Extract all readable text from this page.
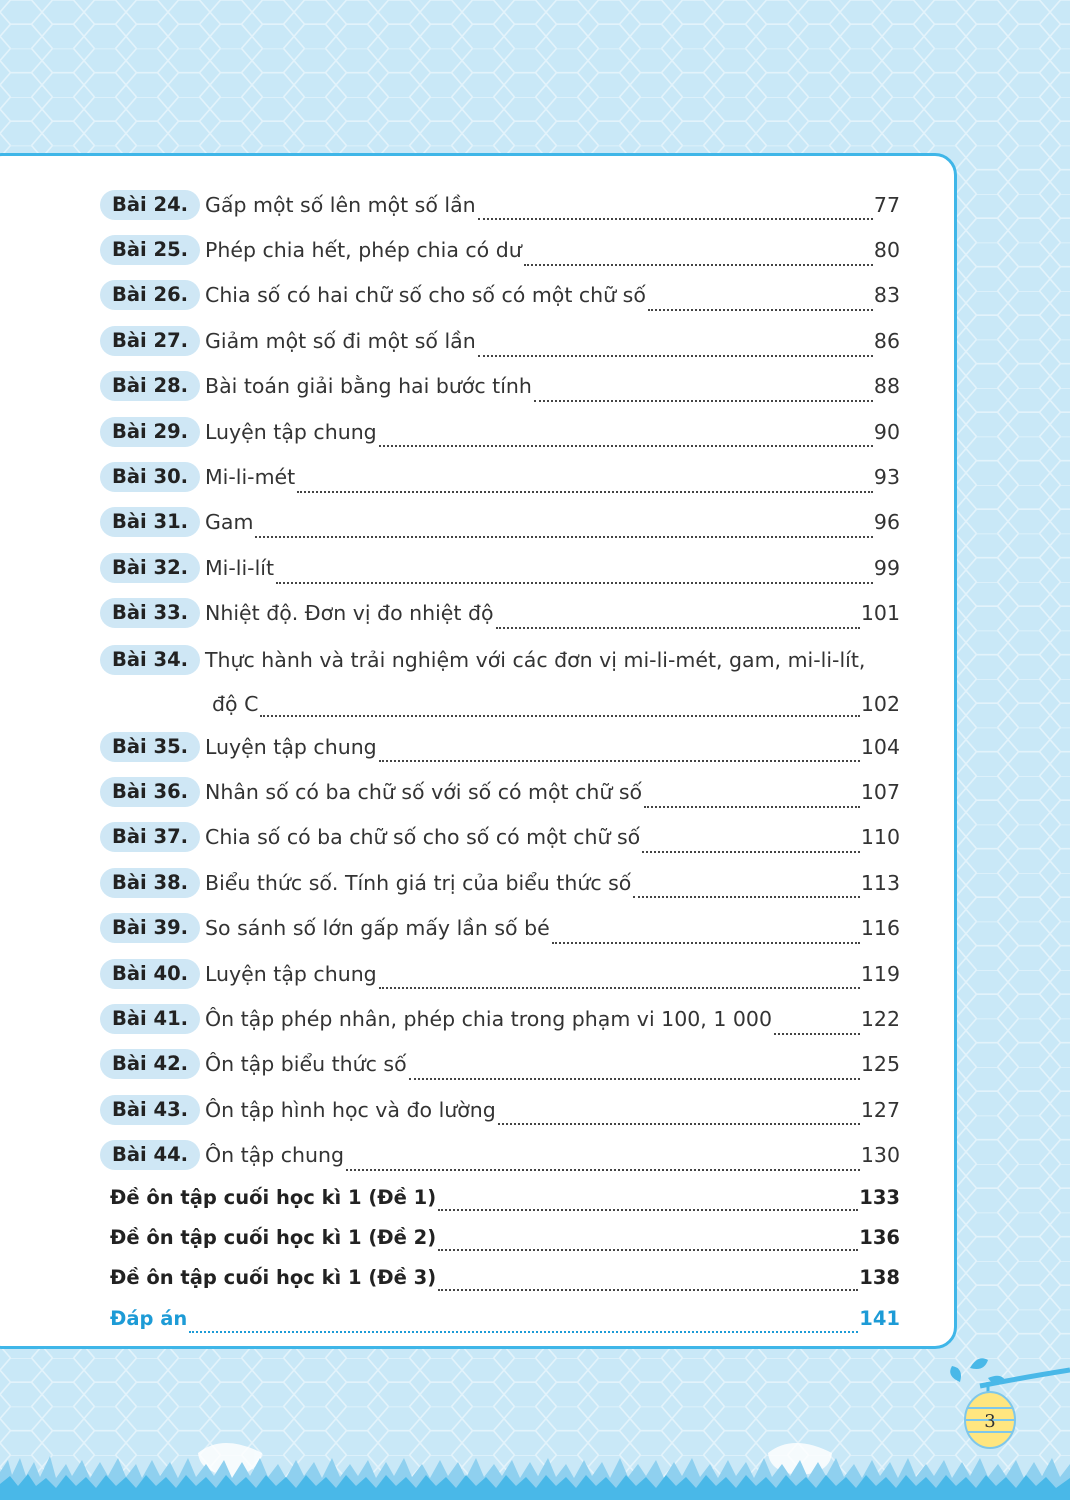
Bài 24. Gấp một số lên một số lần	77
Bài 25. Phép chia hết, phép chia có dư	80
Bài 26. Chia số có hai chữ số cho số có một chữ số	83
Bài 27. Giảm một số đi một số lần	86
Bài 28. Bài toán giải bằng hai bước tính	88
Bài 29. Luyện tập chung	90
Bài 30. Mi-li-mét	93
Bài 31. Gam	96
Bài 32. Mi-li-lít	99
Bài 33. Nhiệt độ. Đơn vị đo nhiệt độ	101
Bài 34. Thực hành và trải nghiệm với các đơn vị mi-li-mét, gam, mi-li-lít,
độ C	102
Bài 35. Luyện tập chung	104
Bài 36. Nhân số có ba chữ số với số có một chữ số	107
Bài 37. Chia số có ba chữ số cho số có một chữ số	110
Bài 38. Biểu thức số. Tính giá trị của biểu thức số	113
Bài 39. So sánh số lớn gấp mấy lần số bé	116
Bài 40. Luyện tập chung	119
Bài 41. Ôn tập phép nhân, phép chia trong phạm vi 100, 1 000	122
Bài 42. Ôn tập biểu thức số	125
Bài 43. Ôn tập hình học và đo lường	127
Bài 44. Ôn tập chung	130
Đề ôn tập cuối học kì 1 (Đề 1)	133
Đề ôn tập cuối học kì 1 (Đề 2)	136
Đề ôn tập cuối học kì 1 (Đề 3)	138
Đáp án	141
3
